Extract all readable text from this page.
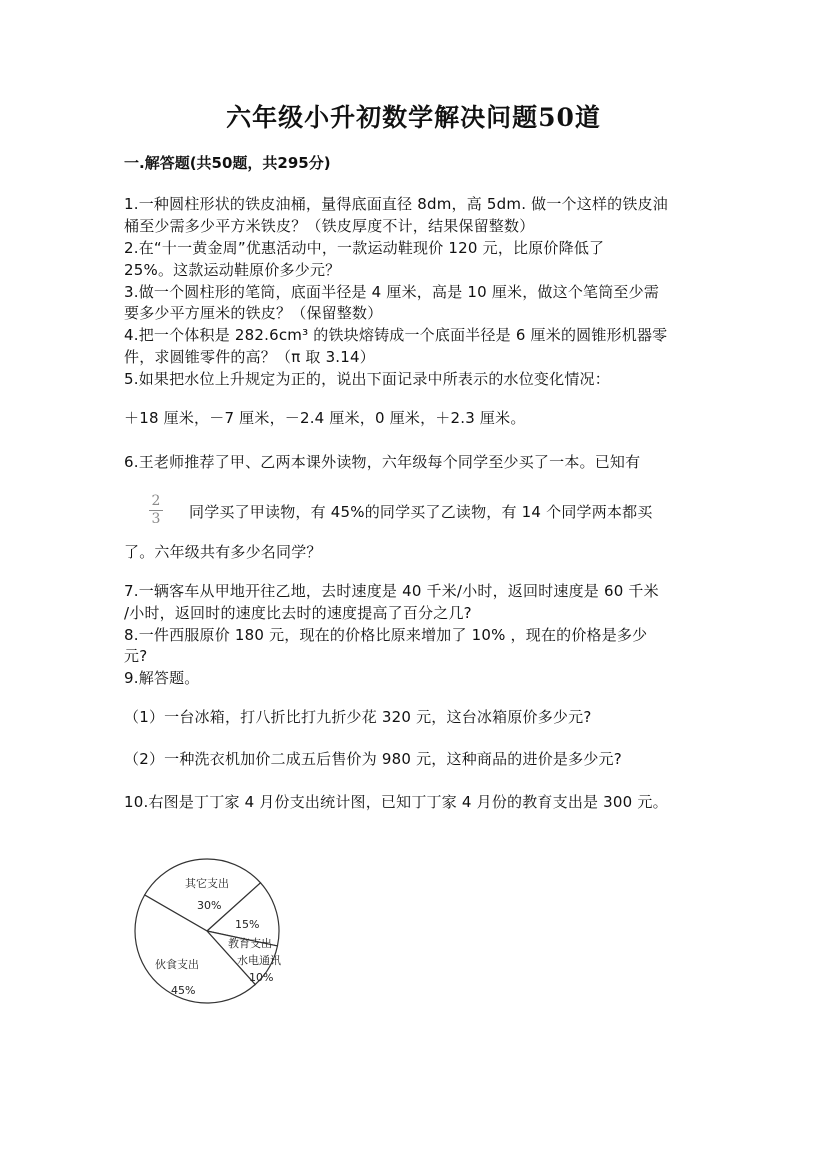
六年级小升初数学解决问题50道
一.解答题(共50题，共295分)
1.一种圆柱形状的铁皮油桶，量得底面直径 8dm，高 5dm. 做一个这样的铁皮油
桶至少需多少平方米铁皮？（铁皮厚度不计，结果保留整数）
2.在“十一黄金周”优惠活动中，一款运动鞋现价 120 元，比原价降低了
25%。这款运动鞋原价多少元？
3.做一个圆柱形的笔筒，底面半径是 4 厘米，高是 10 厘米，做这个笔筒至少需
要多少平方厘米的铁皮？（保留整数）
4.把一个体积是 282.6cm³ 的铁块熔铸成一个底面半径是 6 厘米的圆锥形机器零
件，求圆锥零件的高？（π 取 3.14）
5.如果把水位上升规定为正的，说出下面记录中所表示的水位变化情况：
＋18 厘米，－7 厘米，－2.4 厘米，0 厘米，＋2.3 厘米。
6.王老师推荐了甲、乙两本课外读物，六年级每个同学至少买了一本。已知有
2
3 同学买了甲读物，有 45%的同学买了乙读物，有 14 个同学两本都买
了。六年级共有多少名同学？
7.一辆客车从甲地开往乙地，去时速度是 40 千米/小时，返回时速度是 60 千米
/小时，返回时的速度比去时的速度提高了百分之几?
8.一件西服原价 180 元，现在的价格比原来增加了 10% ，现在的价格是多少
元?
9.解答题。
（1）一台冰箱，打八折比打九折少花 320 元，这台冰箱原价多少元?
（2）一种洗衣机加价二成五后售价为 980 元，这种商品的进价是多少元?
10.右图是丁丁家 4 月份支出统计图，已知丁丁家 4 月份的教育支出是 300 元。
其它支出
30%
教育支出
15%
水电通讯
10%
伙食支出
45%
